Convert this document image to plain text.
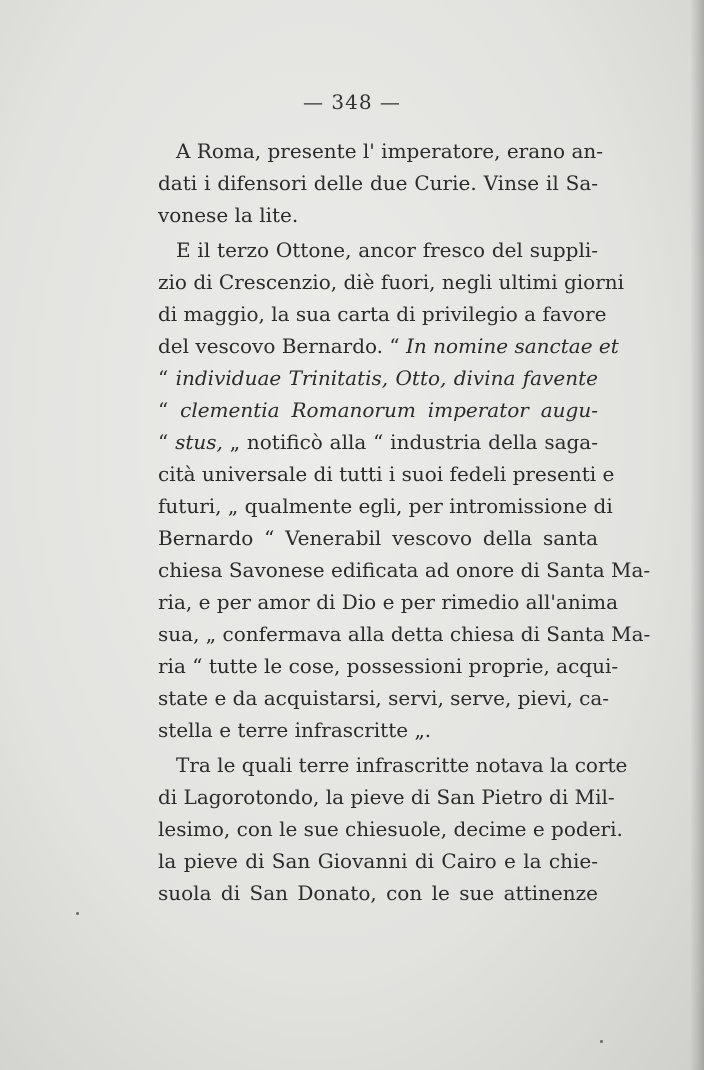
— 348 —
A Roma, presente l' imperatore, erano an-
dati i difensori delle due Curie. Vinse il Sa-
vonese la lite.
E il terzo Ottone, ancor fresco del suppli-
zio di Crescenzio, diè fuori, negli ultimi giorni
di maggio, la sua carta di privilegio a favore
del vescovo Bernardo. “ In nomine sanctae et
“ individuae Trinitatis, Otto, divina favente
“ clementia Romanorum imperator augu-
“ stus, „ notificò alla “ industria della saga-
cità universale di tutti i suoi fedeli presenti e
futuri, „ qualmente egli, per intromissione di
Bernardo “ Venerabil vescovo della santa
chiesa Savonese edificata ad onore di Santa Ma-
ria, e per amor di Dio e per rimedio all'anima
sua, „ confermava alla detta chiesa di Santa Ma-
ria “ tutte le cose, possessioni proprie, acqui-
state e da acquistarsi, servi, serve, pievi, ca-
stella e terre infrascritte „.
Tra le quali terre infrascritte notava la corte
di Lagorotondo, la pieve di San Pietro di Mil-
lesimo, con le sue chiesuole, decime e poderi.
la pieve di San Giovanni di Cairo e la chie-
suola di San Donato, con le sue attinenze
